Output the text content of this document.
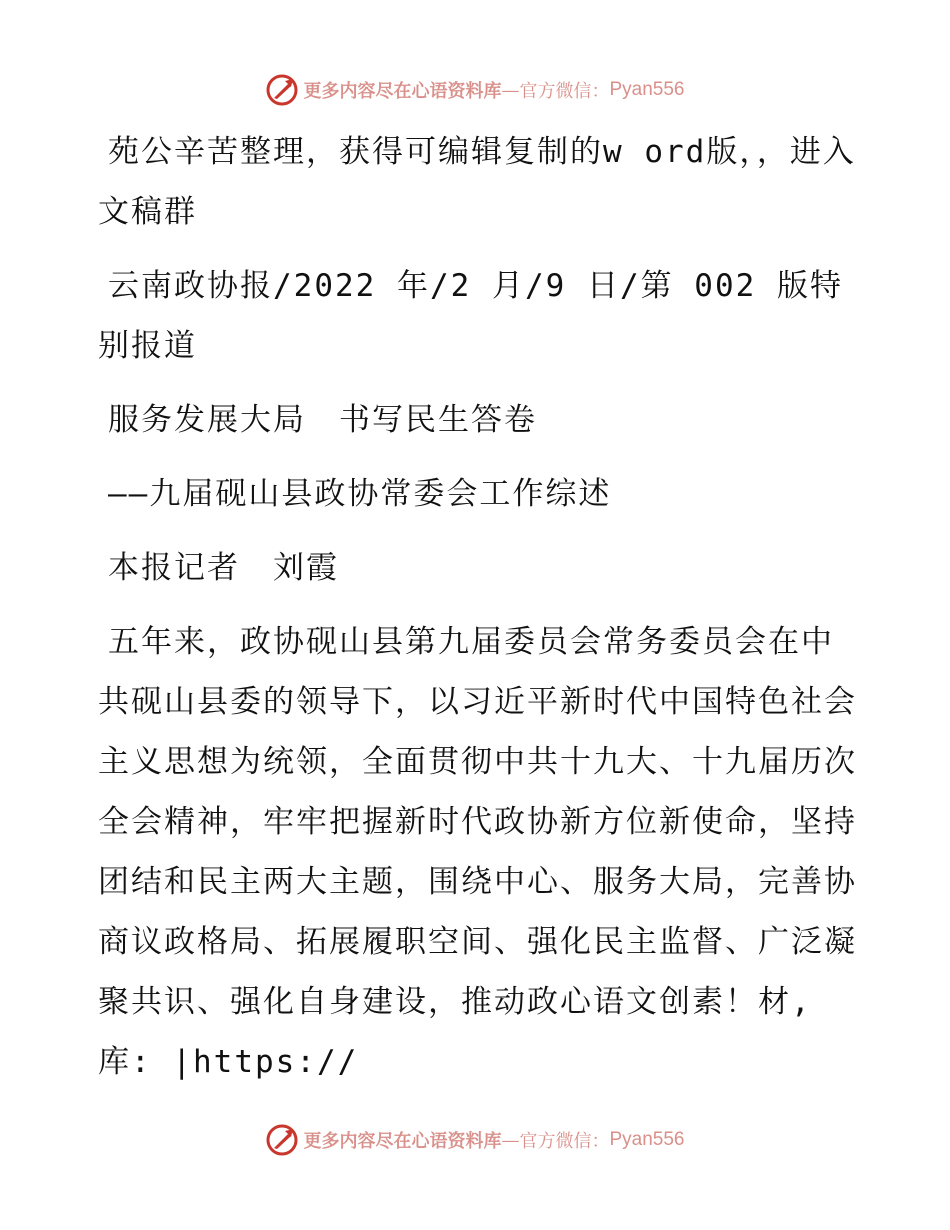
更多内容尽在心语资料库 — 官方微信： Pyan556

苑公辛苦整理，获得可编辑复制的w ord版，，进入文稿群

云南政协报/2022 年/2 月/9 日/第 002 版特别报道

服务发展大局　书写民生答卷

——九届砚山县政协常委会工作综述

本报记者　刘霞

五年来，政协砚山县第九届委员会常务委员会在中共砚山县委的领导下，以习近平新时代中国特色社会主义思想为统领，全面贯彻中共十九大、十九届历次全会精神，牢牢把握新时代政协新方位新使命，坚持团结和民主两大主题，围绕中心、服务大局，完善协商议政格局、拓展履职空间、强化民主监督、广泛凝聚共识、强化自身建设，推动政心语文创素！材,库: |https://

更多内容尽在心语资料库 — 官方微信： Pyan556
